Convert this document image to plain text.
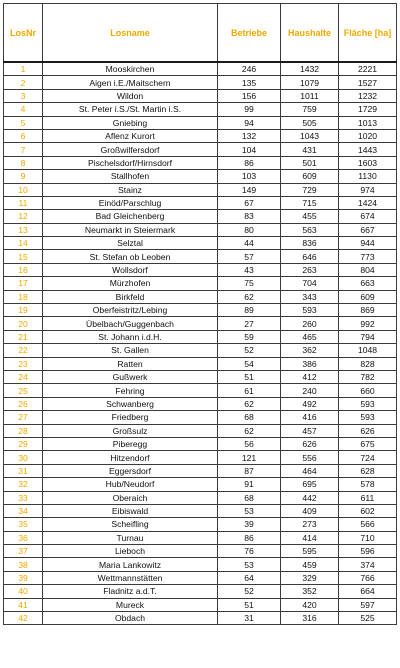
LosNr	Losname	Betriebe	Haushalte	Fläche [ha]
1	Mooskirchen	246	1432	2221
2	Aigen i.E./Maitschern	135	1079	1527
3	Wildon	156	1011	1232
4	St. Peter i.S./St. Martin i.S.	99	759	1729
5	Gniebing	94	505	1013
6	Aflenz Kurort	132	1043	1020
7	Großwilfersdorf	104	431	1443
8	Pischelsdorf/Hirnsdorf	86	501	1603
9	Stallhofen	103	609	1130
10	Stainz	149	729	974
11	Einöd/Parschlug	67	715	1424
12	Bad Gleichenberg	83	455	674
13	Neumarkt in Steiermark	80	563	667
14	Selztal	44	836	944
15	St. Stefan ob Leoben	57	646	773
16	Wollsdorf	43	263	804
17	Mürzhofen	75	704	663
18	Birkfeld	62	343	609
19	Oberfeistritz/Lebing	89	593	869
20	Übelbach/Guggenbach	27	260	992
21	St. Johann i.d.H.	59	465	794
22	St. Gallen	52	362	1048
23	Ratten	54	386	828
24	Gußwerk	51	412	782
25	Fehring	61	240	660
26	Schwanberg	62	492	593
27	Friedberg	68	416	593
28	Großsulz	62	457	626
29	Piberegg	56	626	675
30	Hitzendorf	121	556	724
31	Eggersdorf	87	464	628
32	Hub/Neudorf	91	695	578
33	Oberaich	68	442	611
34	Eibiswald	53	409	602
35	Scheifling	39	273	566
36	Turnau	86	414	710
37	Lieboch	76	595	596
38	Maria Lankowitz	53	459	374
39	Wettmannstätten	64	329	766
40	Fladnitz a.d.T.	52	352	664
41	Mureck	51	420	597
42	Obdach	31	316	525
